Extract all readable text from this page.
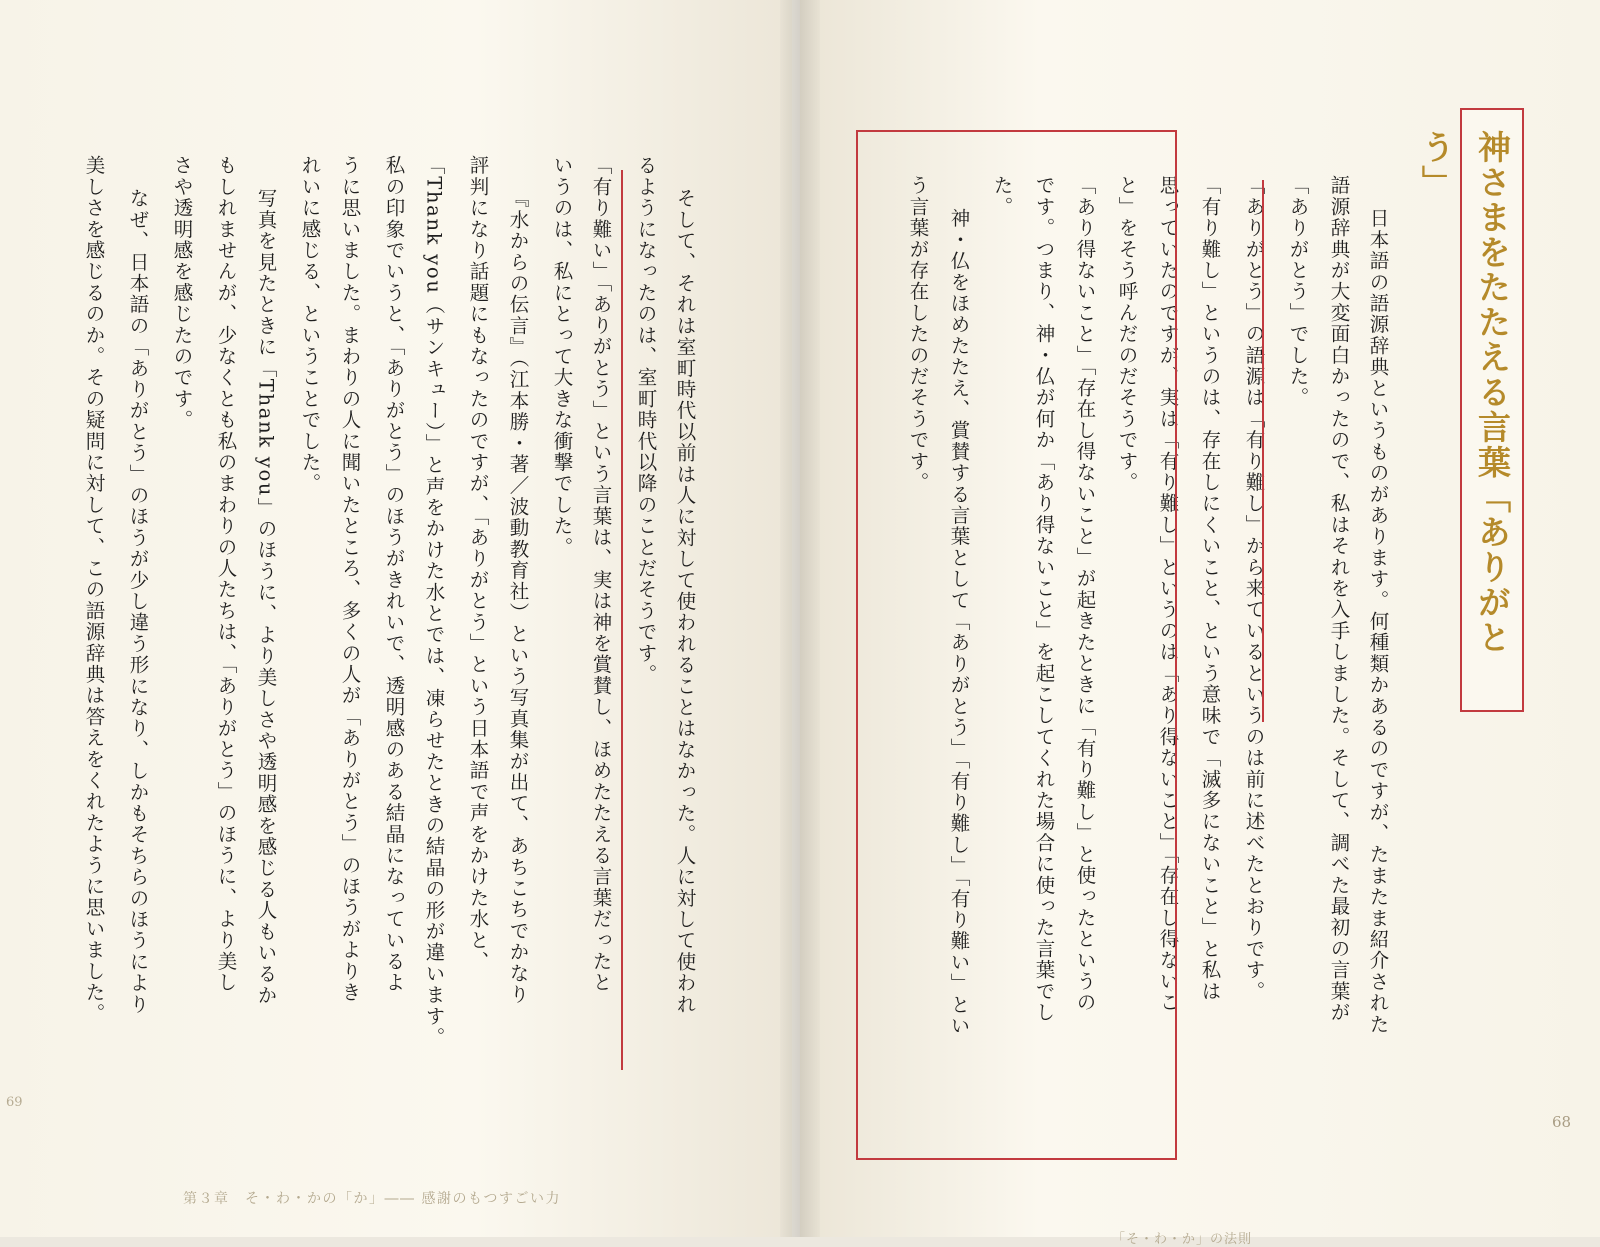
そして、それは室町時代以前は人に対して使われることはなかった。人に対して使われ

るようになったのは、室町時代以降のことだそうです。

「有り難い」「ありがとう」という言葉は、実は神を賞賛し、ほめたたえる言葉だったと

いうのは、私にとって大きな衝撃でした。

『水からの伝言』（江本勝・著／波動教育社）という写真集が出て、あちこちでかなり

評判になり話題にもなったのですが、「ありがとう」という日本語で声をかけた水と、

「Thank you（サンキュー）」と声をかけた水とでは、凍らせたときの結晶の形が違います。

私の印象でいうと、「ありがとう」のほうがきれいで、透明感のある結晶になっているよ

うに思いました。まわりの人に聞いたところ、多くの人が「ありがとう」のほうがよりき

れいに感じる、ということでした。

写真を見たときに「Thank you」のほうに、より美しさや透明感を感じる人もいるか

もしれませんが、少なくとも私のまわりの人たちは、「ありがとう」のほうに、より美し

さや透明感を感じたのです。

なぜ、日本語の「ありがとう」のほうが少し違う形になり、しかもそちらのほうにより

美しさを感じるのか。その疑問に対して、この語源辞典は答えをくれたように思いました。

69
第３章　そ・わ・かの「か」―― 感謝のもつすごい力
神さまをたたえる言葉「ありがとう」

日本語の語源辞典というものがあります。何種類かあるのですが、たまたま紹介された

語源辞典が大変面白かったので、私はそれを入手しました。そして、調べた最初の言葉が

「ありがとう」でした。

「ありがとう」の語源は「有り難し」から来ているというのは前に述べたとおりです。

「有り難し」というのは、存在しにくいこと、という意味で「滅多にないこと」と私は

思っていたのですが、実は「有り難し」というのは「あり得ないこと」「存在し得ないこ

と」をそう呼んだのだそうです。

「あり得ないこと」「存在し得ないこと」が起きたときに「有り難し」と使ったというの

です。つまり、神・仏が何か「あり得ないこと」を起こしてくれた場合に使った言葉でし

た。

神・仏をほめたたえ、賞賛する言葉として「ありがとう」「有り難し」「有り難い」とい

う言葉が存在したのだそうです。

68
「そ・わ・か」の法則
